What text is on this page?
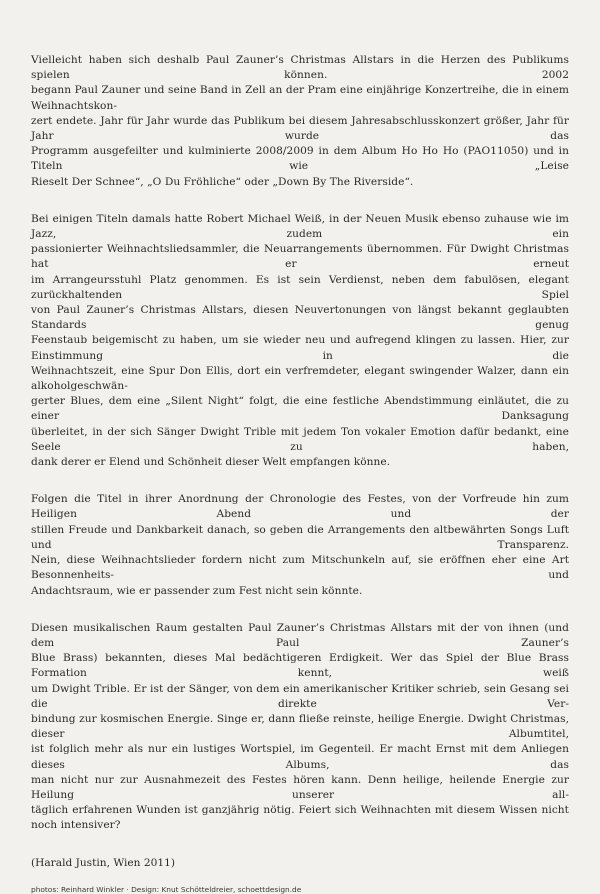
Vielleicht haben sich deshalb Paul Zauner’s Christmas Allstars in die Herzen des Publikums spielen können. 2002
begann Paul Zauner und seine Band in Zell an der Pram eine einjährige Konzertreihe, die in einem Weihnachtskon-
zert endete. Jahr für Jahr wurde das Publikum bei diesem Jahresabschlusskonzert größer, Jahr für Jahr wurde das
Programm ausgefeilter und kulminierte 2008/2009 in dem Album Ho Ho Ho (PAO11050) und in Titeln wie „Leise
Rieselt Der Schnee“, „O Du Fröhliche“ oder „Down By The Riverside“.

Bei einigen Titeln damals hatte Robert Michael Weiß, in der Neuen Musik ebenso zuhause wie im Jazz, zudem ein
passionierter Weihnachtsliedsammler, die Neuarrangements übernommen. Für Dwight Christmas hat er erneut
im Arrangeursstuhl Platz genommen. Es ist sein Verdienst, neben dem fabulösen, elegant zurückhaltenden Spiel
von Paul Zauner’s Christmas Allstars, diesen Neuvertonungen von längst bekannt geglaubten Standards genug
Feenstaub beigemischt zu haben, um sie wieder neu und aufregend klingen zu lassen. Hier, zur Einstimmung in die
Weihnachtszeit, eine Spur Don Ellis, dort ein verfremdeter, elegant swingender Walzer, dann ein alkoholgeschwän-
gerter Blues, dem eine „Silent Night“ folgt, die eine festliche Abendstimmung einläutet, die zu einer Danksagung
überleitet, in der sich Sänger Dwight Trible mit jedem Ton vokaler Emotion dafür bedankt, eine Seele zu haben,
dank derer er Elend und Schönheit dieser Welt empfangen könne.

Folgen die Titel in ihrer Anordnung der Chronologie des Festes, von der Vorfreude hin zum Heiligen Abend und der
stillen Freude und Dankbarkeit danach, so geben die Arrangements den altbewährten Songs Luft und Transparenz.
Nein, diese Weihnachtslieder fordern nicht zum Mitschunkeln auf, sie eröffnen eher eine Art Besonnenheits- und
Andachtsraum, wie er passender zum Fest nicht sein könnte.

Diesen musikalischen Raum gestalten Paul Zauner’s Christmas Allstars mit der von ihnen (und dem Paul Zauner’s
Blue Brass) bekannten, dieses Mal bedächtigeren Erdigkeit. Wer das Spiel der Blue Brass Formation kennt, weiß
um Dwight Trible. Er ist der Sänger, von dem ein amerikanischer Kritiker schrieb, sein Gesang sei die direkte Ver-
bindung zur kosmischen Energie. Singe er, dann fließe reinste, heilige Energie. Dwight Christmas, dieser Albumtitel,
ist folglich mehr als nur ein lustiges Wortspiel, im Gegenteil. Er macht Ernst mit dem Anliegen dieses Albums, das
man nicht nur zur Ausnahmezeit des Festes hören kann. Denn heilige, heilende Energie zur Heilung unserer all-
täglich erfahrenen Wunden ist ganzjährig nötig. Feiert sich Weihnachten mit diesem Wissen nicht noch intensiver?

(Harald Justin, Wien 2011)

photos: Reinhard Winkler · Design: Knut Schötteldreier, schoettdesign.de
